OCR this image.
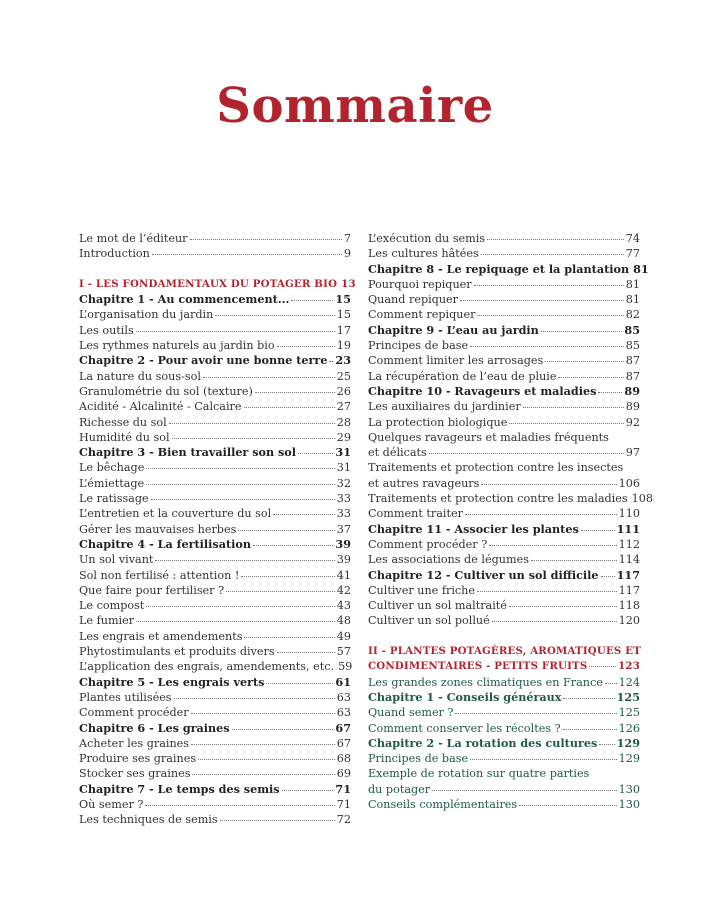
Sommaire
Le mot de l’éditeur	7
Introduction	9
I - LES FONDAMENTAUX DU POTAGER BIO 13
Chapitre 1 - Au commencement...	15
L’organisation du jardin	15
Les outils	17
Les rythmes naturels au jardin bio	19
Chapitre 2 - Pour avoir une bonne terre 23
La nature du sous-sol	25
Granulométrie du sol (texture)	26
Acidité - Alcalinité - Calcaire	27
Richesse du sol	28
Humidité du sol	29
Chapitre 3 - Bien travailler son sol	31
Le bêchage	31
L’émiettage	32
Le ratissage	33
L’entretien et la couverture du sol	33
Gérer les mauvaises herbes	37
Chapitre 4 - La fertilisation	39
Un sol vivant	39
Sol non fertilisé : attention !	41
Que faire pour fertiliser ?	42
Le compost	43
Le fumier	48
Les engrais et amendements	49
Phytostimulants et produits divers	57
L’application des engrais, amendements, etc. 59
Chapitre 5 - Les engrais verts	61
Plantes utilisées	63
Comment procéder	63
Chapitre 6 - Les graines	67
Acheter les graines	67
Produire ses graines	68
Stocker ses graines	69
Chapitre 7 - Le temps des semis	71
Où semer ?	71
Les techniques de semis	72
L’exécution du semis	74
Les cultures hâtées	77
Chapitre 8 - Le repiquage et la plantation 81
Pourquoi repiquer	81
Quand repiquer	81
Comment repiquer	82
Chapitre 9 - L’eau au jardin	85
Principes de base	85
Comment limiter les arrosages	87
La récupération de l’eau de pluie	87
Chapitre 10 - Ravageurs et maladies	89
Les auxiliaires du jardinier	89
La protection biologique	92
Quelques ravageurs et maladies fréquents
et délicats	97
Traitements et protection contre les insectes
et autres ravageurs	106
Traitements et protection contre les maladies 108
Comment traiter	110
Chapitre 11 - Associer les plantes	111
Comment procéder ?	112
Les associations de légumes	114
Chapitre 12 - Cultiver un sol difficile 117
Cultiver une friche	117
Cultiver un sol maltraité	118
Cultiver un sol pollué	120
II - PLANTES POTAGÈRES, AROMATIQUES ET
CONDIMENTAIRES - PETITS FRUITS	123
Les grandes zones climatiques en France 124
Chapitre 1 - Conseils généraux	125
Quand semer ?	125
Comment conserver les récoltes ?	126
Chapitre 2 - La rotation des cultures 129
Principes de base	129
Exemple de rotation sur quatre parties
du potager	130
Conseils complémentaires	130
